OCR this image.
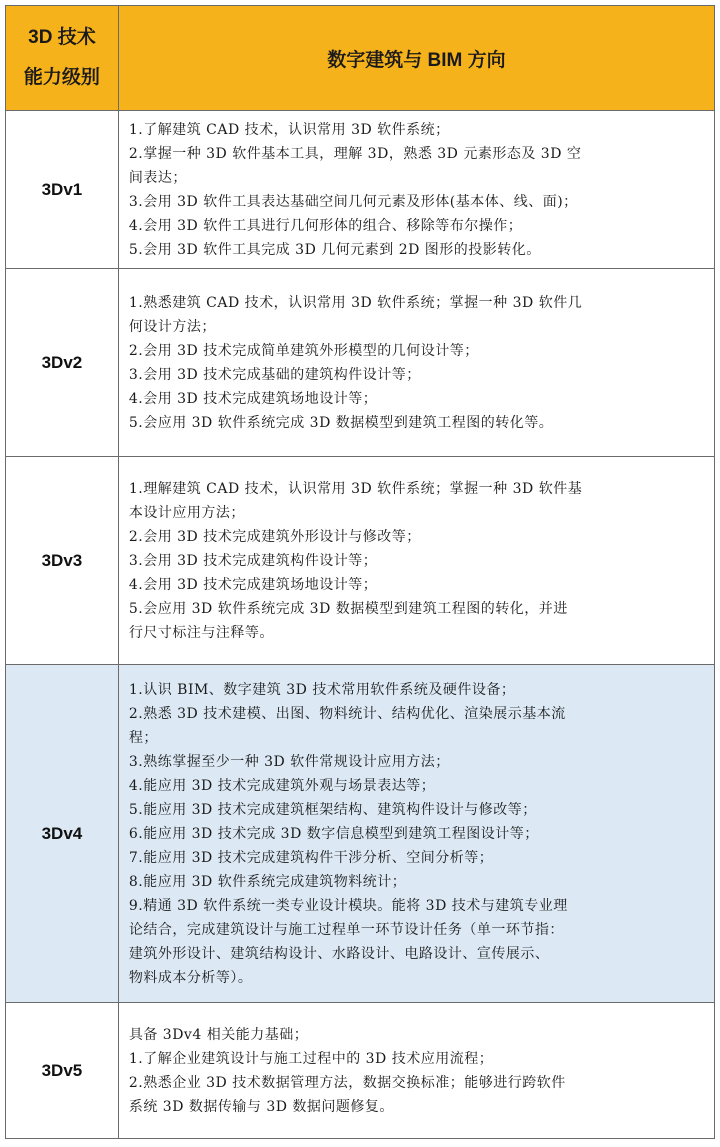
3D 技术
能力级别
数字建筑与 BIM 方向
3Dv1
1.了解建筑 CAD 技术，认识常用 3D 软件系统；
2.掌握一种 3D 软件基本工具，理解 3D，熟悉 3D 元素形态及 3D 空
间表达；
3.会用 3D 软件工具表达基础空间几何元素及形体(基本体、线、面)；
4.会用 3D 软件工具进行几何形体的组合、移除等布尔操作；
5.会用 3D 软件工具完成 3D 几何元素到 2D 图形的投影转化。
3Dv2
1.熟悉建筑 CAD 技术，认识常用 3D 软件系统；掌握一种 3D 软件几
何设计方法；
2.会用 3D 技术完成简单建筑外形模型的几何设计等；
3.会用 3D 技术完成基础的建筑构件设计等；
4.会用 3D 技术完成建筑场地设计等；
5.会应用 3D 软件系统完成 3D 数据模型到建筑工程图的转化等。
3Dv3
1.理解建筑 CAD 技术，认识常用 3D 软件系统；掌握一种 3D 软件基
本设计应用方法；
2.会用 3D 技术完成建筑外形设计与修改等；
3.会用 3D 技术完成建筑构件设计等；
4.会用 3D 技术完成建筑场地设计等；
5.会应用 3D 软件系统完成 3D 数据模型到建筑工程图的转化，并进
行尺寸标注与注释等。
3Dv4
1.认识 BIM、数字建筑 3D 技术常用软件系统及硬件设备；
2.熟悉 3D 技术建模、出图、物料统计、结构优化、渲染展示基本流
程；
3.熟练掌握至少一种 3D 软件常规设计应用方法；
4.能应用 3D 技术完成建筑外观与场景表达等；
5.能应用 3D 技术完成建筑框架结构、建筑构件设计与修改等；
6.能应用 3D 技术完成 3D 数字信息模型到建筑工程图设计等；
7.能应用 3D 技术完成建筑构件干涉分析、空间分析等；
8.能应用 3D 软件系统完成建筑物料统计；
9.精通 3D 软件系统一类专业设计模块。能将 3D 技术与建筑专业理
论结合，完成建筑设计与施工过程单一环节设计任务（单一环节指：
建筑外形设计、建筑结构设计、水路设计、电路设计、宣传展示、
物料成本分析等）。
3Dv5
具备 3Dv4 相关能力基础；
1.了解企业建筑设计与施工过程中的 3D 技术应用流程；
2.熟悉企业 3D 技术数据管理方法，数据交换标准；能够进行跨软件
系统 3D 数据传输与 3D 数据问题修复。
